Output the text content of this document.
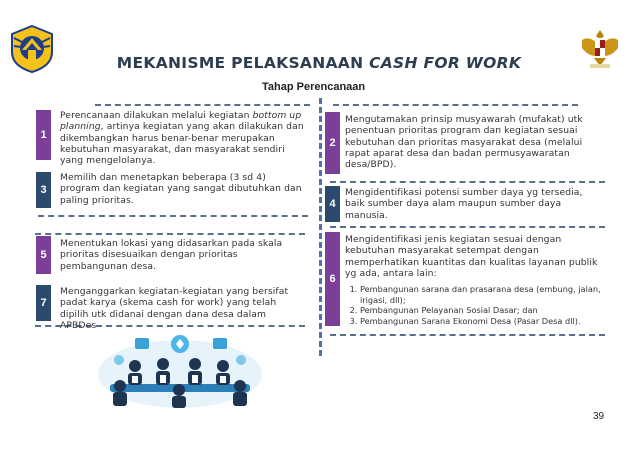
MEKANISME PELAKSANAAN CASH FOR WORK
Tahap Perencanaan
1
Perencanaan dilakukan melalui kegiatan bottom up planning, artinya kegiatan yang akan dilakukan dan dikembangkan harus benar-benar merupakan kebutuhan masyarakat, dan masyarakat sendiri yang mengelolanya.
3
Memilih dan menetapkan beberapa (3 sd 4) program dan kegiatan yang sangat dibutuhkan dan paling prioritas.
5
Menentukan lokasi yang didasarkan pada skala prioritas disesuaikan dengan prioritas pembangunan desa.
7
Menganggarkan kegiatan-kegiatan yang bersifat padat karya (skema cash for work) yang telah dipilih utk didanai dengan dana desa dalam APBDes
2
Mengutamakan prinsip musyawarah (mufakat) utk penentuan prioritas program dan kegiatan sesuai kebutuhan dan prioritas masyarakat desa (melalui rapat aparat desa dan badan permusyawaratan desa/BPD).
4
Mengidentifikasi potensi sumber daya yg tersedia, baik sumber daya alam maupun sumber daya manusia.
6
Mengidentifikasi jenis kegiatan sesuai dengan kebutuhan masyarakat setempat dengan memperhatikan kuantitas dan kualitas layanan publik yg ada, antara lain:
1. Pembangunan sarana dan prasarana desa (embung, jalan, irigasi, dll);
2. Pembangunan Pelayanan Sosial Dasar; dan
3. Pembangunan Sarana Ekonomi Desa (Pasar Desa dll).
39
